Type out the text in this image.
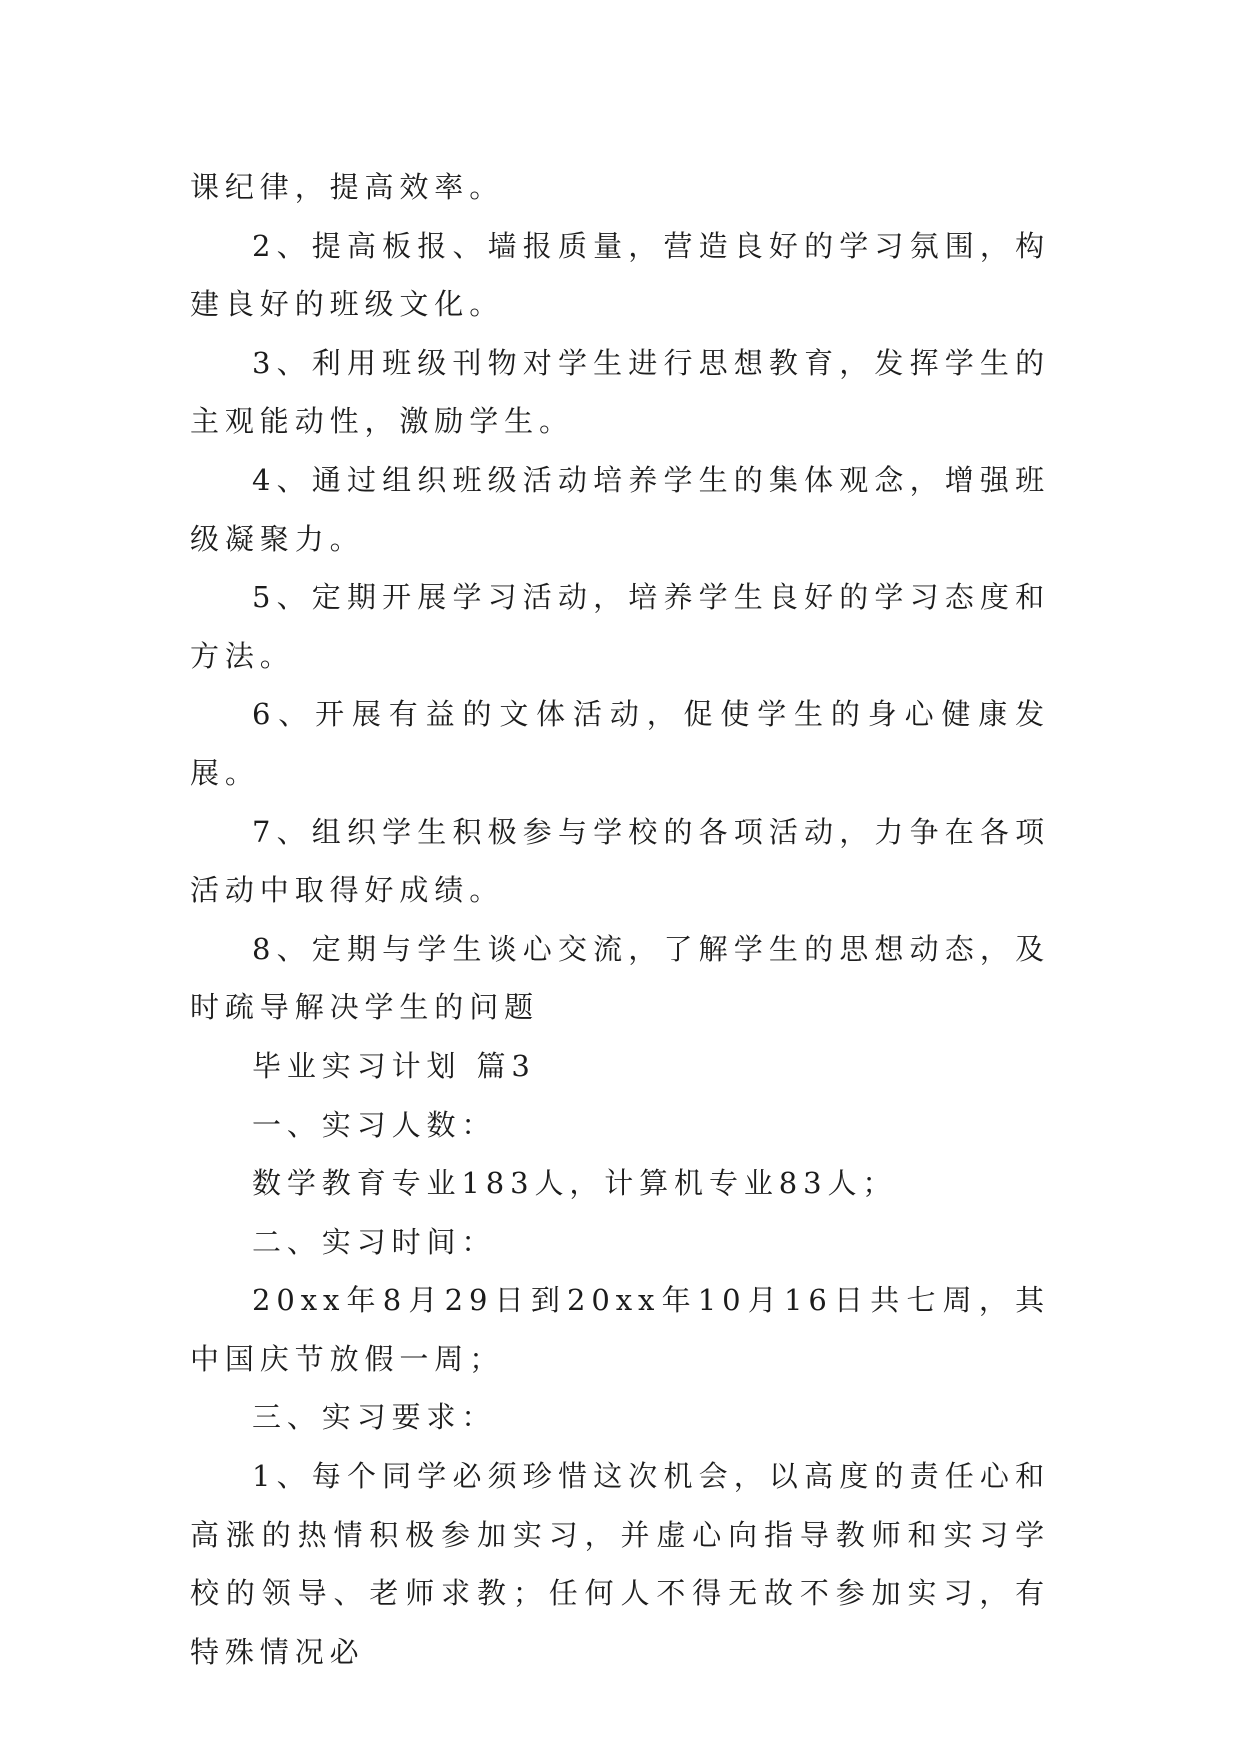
课纪律，提高效率。

2、提高板报、墙报质量，营造良好的学习氛围，构建良好的班级文化。

3、利用班级刊物对学生进行思想教育，发挥学生的主观能动性，激励学生。

4、通过组织班级活动培养学生的集体观念，增强班级凝聚力。

5、定期开展学习活动，培养学生良好的学习态度和方法。

6、开展有益的文体活动，促使学生的身心健康发展。

7、组织学生积极参与学校的各项活动，力争在各项活动中取得好成绩。

8、定期与学生谈心交流，了解学生的思想动态，及时疏导解决学生的问题

毕业实习计划 篇3

一、实习人数：

数学教育专业183人，计算机专业83人；

二、实习时间：

20xx年8月29日到20xx年10月16日共七周，其中国庆节放假一周；

三、实习要求：

1、每个同学必须珍惜这次机会，以高度的责任心和高涨的热情积极参加实习，并虚心向指导教师和实习学校的领导、老师求教；任何人不得无故不参加实习，有特殊情况必
